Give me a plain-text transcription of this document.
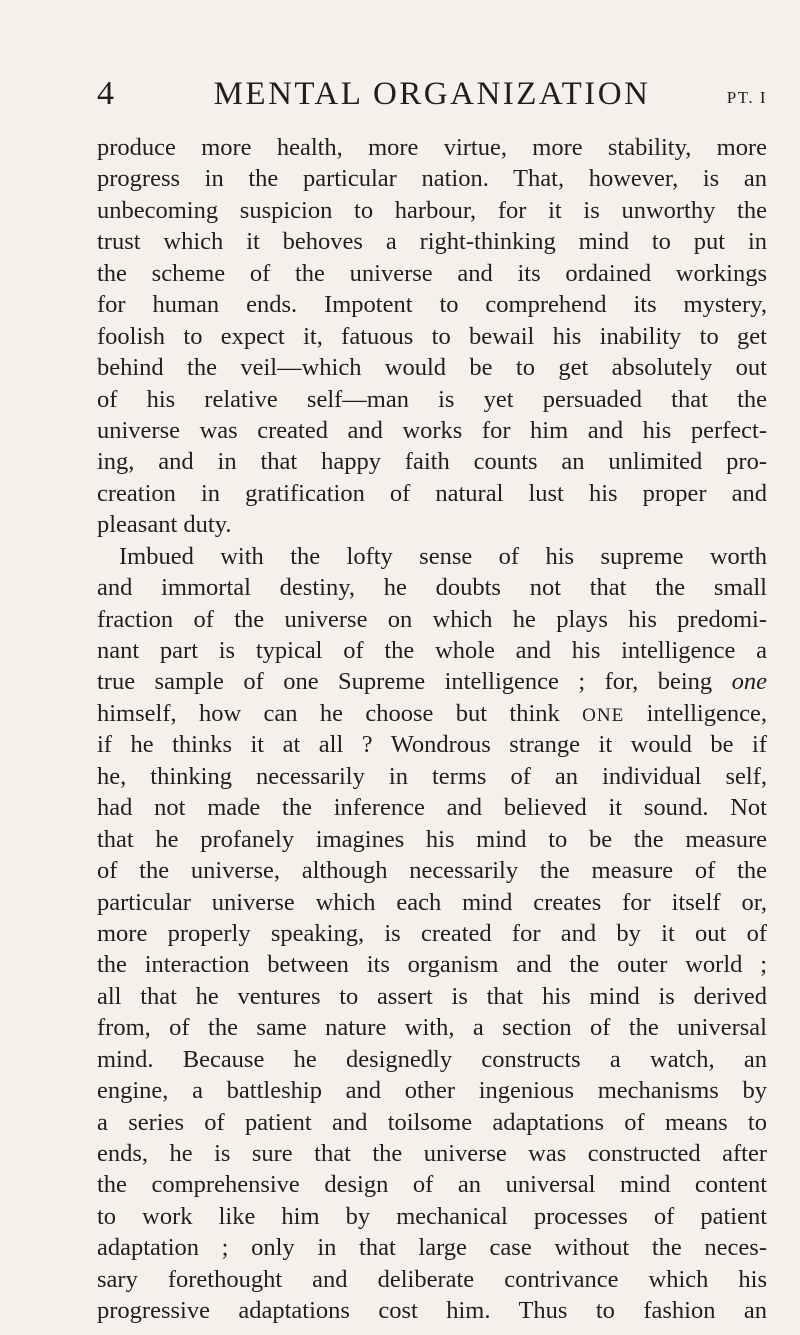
4	MENTAL ORGANIZATION	PT. I
produce more health, more virtue, more stability, more
progress in the particular nation. That, however, is an
unbecoming suspicion to harbour, for it is unworthy the
trust which it behoves a right-thinking mind to put in
the scheme of the universe and its ordained workings
for human ends. Impotent to comprehend its mystery,
foolish to expect it, fatuous to bewail his inability to get
behind the veil—which would be to get absolutely out
of his relative self—man is yet persuaded that the
universe was created and works for him and his perfect-
ing, and in that happy faith counts an unlimited pro-
creation in gratification of natural lust his proper and
pleasant duty.
Imbued with the lofty sense of his supreme worth
and immortal destiny, he doubts not that the small
fraction of the universe on which he plays his predomi-
nant part is typical of the whole and his intelligence a
true sample of one Supreme intelligence ; for, being one
himself, how can he choose but think ONE intelligence,
if he thinks it at all ? Wondrous strange it would be if
he, thinking necessarily in terms of an individual self,
had not made the inference and believed it sound. Not
that he profanely imagines his mind to be the measure
of the universe, although necessarily the measure of the
particular universe which each mind creates for itself or,
more properly speaking, is created for and by it out of
the interaction between its organism and the outer world ;
all that he ventures to assert is that his mind is derived
from, of the same nature with, a section of the universal
mind. Because he designedly constructs a watch, an
engine, a battleship and other ingenious mechanisms by
a series of patient and toilsome adaptations of means to
ends, he is sure that the universe was constructed after
the comprehensive design of an universal mind content
to work like him by mechanical processes of patient
adaptation ; only in that large case without the neces-
sary forethought and deliberate contrivance which his
progressive adaptations cost him. Thus to fashion an
